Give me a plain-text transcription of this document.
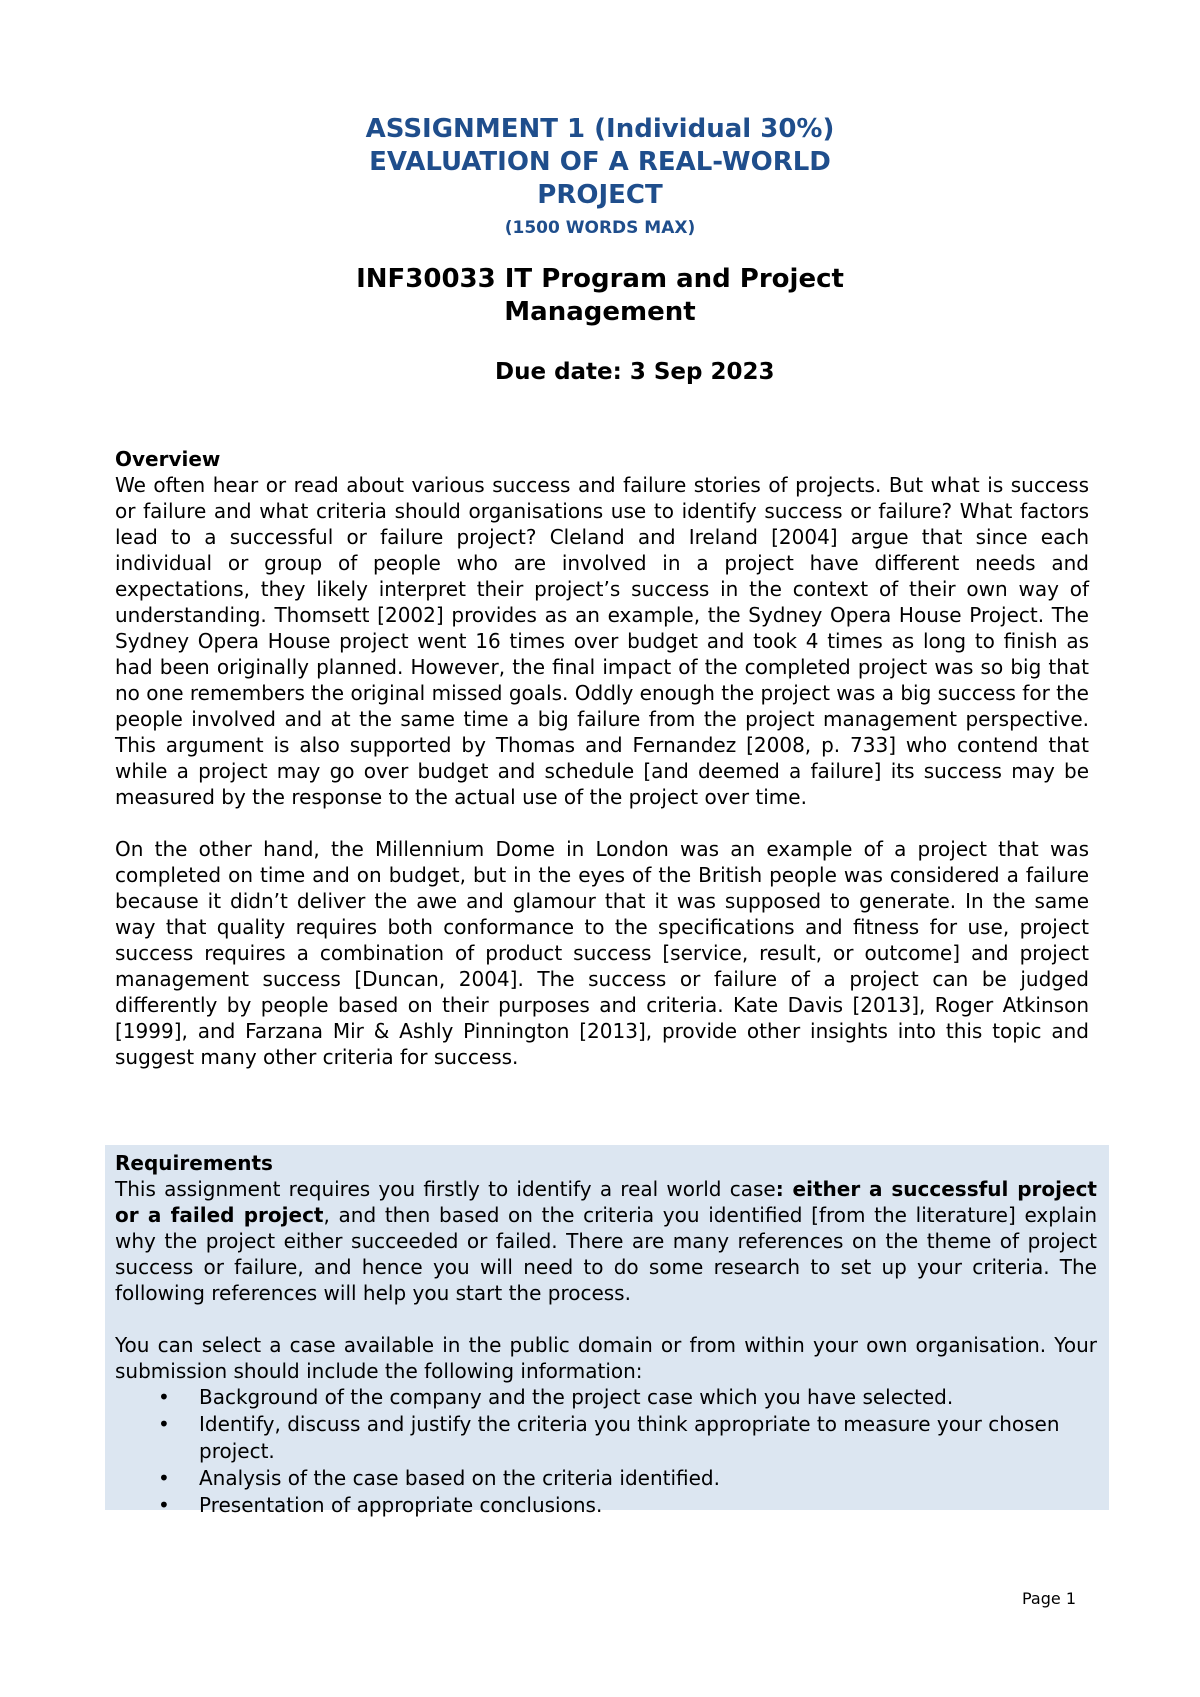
ASSIGNMENT 1 (Individual 30%)
EVALUATION OF A REAL-WORLD
PROJECT
(1500 WORDS MAX)
INF30033 IT Program and Project
Management
Due date: 3 Sep 2023

Overview

We often hear or read about various success and failure stories of projects. But what is success or failure and what criteria should organisations use to identify success or failure? What factors lead to a successful or failure project? Cleland and Ireland [2004] argue that since each individual or group of people who are involved in a project have different needs and expectations, they likely interpret their project’s success in the context of their own way of understanding. Thomsett [2002] provides as an example, the Sydney Opera House Project. The Sydney Opera House project went 16 times over budget and took 4 times as long to finish as had been originally planned. However, the final impact of the completed project was so big that no one remembers the original missed goals. Oddly enough the project was a big success for the people involved and at the same time a big failure from the project management perspective. This argument is also supported by Thomas and Fernandez [2008, p. 733] who contend that while a project may go over budget and schedule [and deemed a failure] its success may be measured by the response to the actual use of the project over time.

On the other hand, the Millennium Dome in London was an example of a project that was completed on time and on budget, but in the eyes of the British people was considered a failure because it didn’t deliver the awe and glamour that it was supposed to generate. In the same way that quality requires both conformance to the specifications and fitness for use, project success requires a combination of product success [service, result, or outcome] and project management success [Duncan, 2004]. The success or failure of a project can be judged differently by people based on their purposes and criteria. Kate Davis [2013], Roger Atkinson [1999], and Farzana Mir & Ashly Pinnington [2013], provide other insights into this topic and suggest many other criteria for success.

Requirements

This assignment requires you firstly to identify a real world case: either a successful project or a failed project, and then based on the criteria you identified [from the literature] explain why the project either succeeded or failed. There are many references on the theme of project success or failure, and hence you will need to do some research to set up your criteria. The following references will help you start the process.

You can select a case available in the public domain or from within your own organisation. Your submission should include the following information:

• Background of the company and the project case which you have selected.
• Identify, discuss and justify the criteria you think appropriate to measure your chosen project.
• Analysis of the case based on the criteria identified.
• Presentation of appropriate conclusions.
Page 1
